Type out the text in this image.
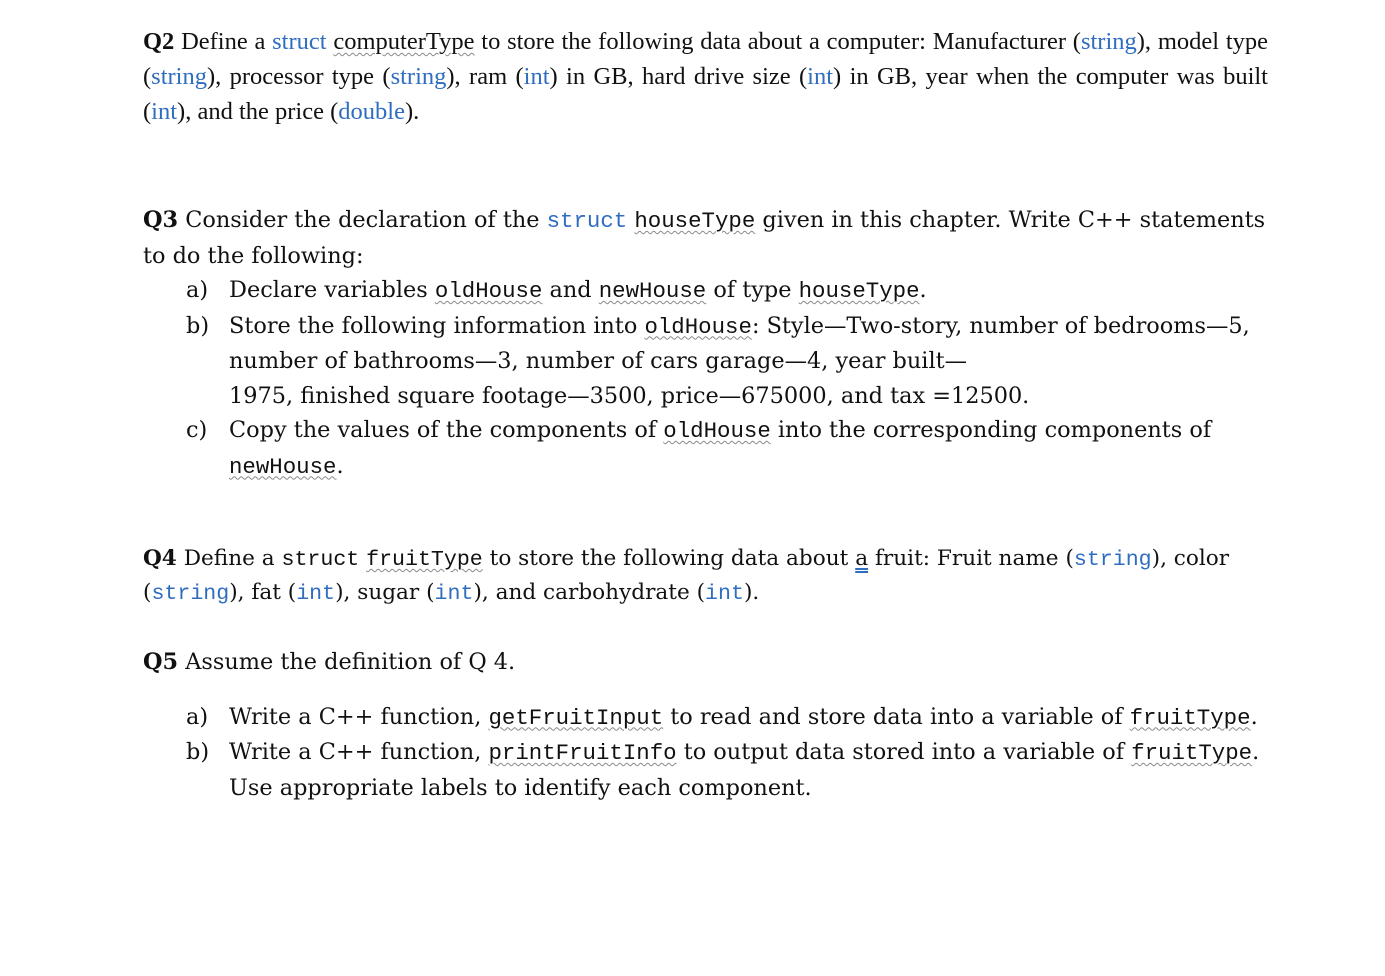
Q2 Define a struct computerType to store the following data about a computer: Manufacturer (string), model type (string), processor type (string), ram (int) in GB, hard drive size (int) in GB, year when the computer was built (int), and the price (double).

Q3 Consider the declaration of the struct houseType given in this chapter. Write C++ statements to do the following:
a) Declare variables oldHouse and newHouse of type houseType.
b) Store the following information into oldHouse: Style—Two-story, number of bedrooms—5, number of bathrooms—3, number of cars garage—4, year built—
1975, finished square footage—3500, price—675000, and tax =12500.
c) Copy the values of the components of oldHouse into the corresponding components of newHouse.

Q4 Define a struct fruitType to store the following data about a fruit: Fruit name (string), color (string), fat (int), sugar (int), and carbohydrate (int).

Q5 Assume the definition of Q 4.
a) Write a C++ function, getFruitInput to read and store data into a variable of fruitType.
b) Write a C++ function, printFruitInfo to output data stored into a variable of fruitType. Use appropriate labels to identify each component.
